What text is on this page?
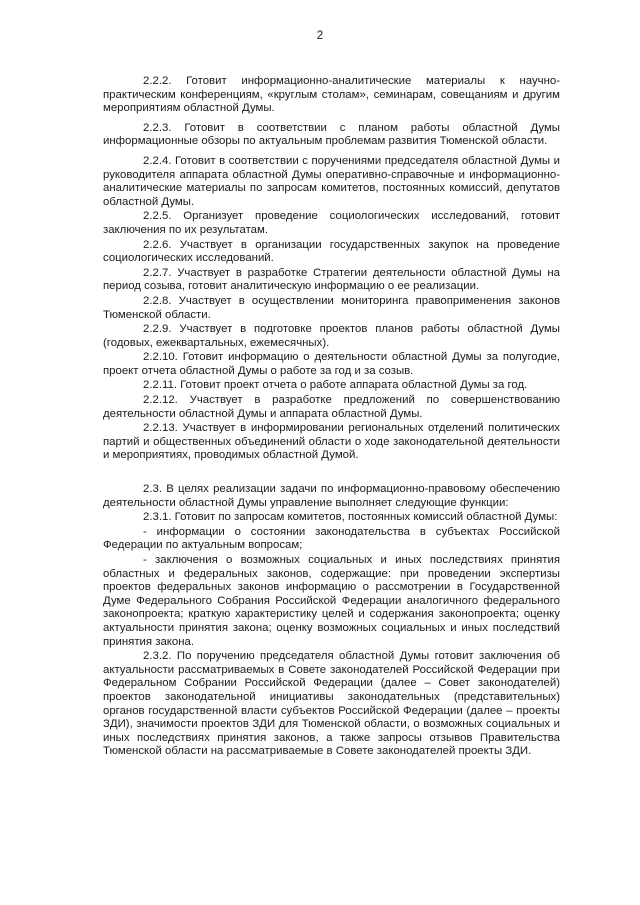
2

2.2.2. Готовит информационно-аналитические материалы к научно-практическим конференциям, «круглым столам», семинарам, совещаниям и другим мероприятиям областной Думы.

2.2.3. Готовит в соответствии с планом работы областной Думы информационные обзоры по актуальным проблемам развития Тюменской области.

2.2.4. Готовит в соответствии с поручениями председателя областной Думы и руководителя аппарата областной Думы оперативно-справочные и информационно-аналитические материалы по запросам комитетов, постоянных комиссий, депутатов областной Думы.

2.2.5. Организует проведение социологических исследований, готовит заключения по их результатам.

2.2.6. Участвует в организации государственных закупок на проведение социологических исследований.

2.2.7. Участвует в разработке Стратегии деятельности областной Думы на период созыва, готовит аналитическую информацию о ее реализации.

2.2.8. Участвует в осуществлении мониторинга правоприменения законов Тюменской области.

2.2.9. Участвует в подготовке проектов планов работы областной Думы (годовых, ежеквартальных, ежемесячных).

2.2.10. Готовит информацию о деятельности областной Думы за полугодие, проект отчета областной Думы о работе за год и за созыв.

2.2.11. Готовит проект отчета о работе аппарата областной Думы за год.

2.2.12. Участвует в разработке предложений по совершенствованию деятельности областной Думы и аппарата областной Думы.

2.2.13. Участвует в информировании региональных отделений политических партий и общественных объединений области о ходе законодательной деятельности и мероприятиях, проводимых областной Думой.

2.3. В целях реализации задачи по информационно-правовому обеспечению деятельности областной Думы управление выполняет следующие функции:

2.3.1. Готовит по запросам комитетов, постоянных комиссий областной Думы:

- информации о состоянии законодательства в субъектах Российской Федерации по актуальным вопросам;

- заключения о возможных социальных и иных последствиях принятия областных и федеральных законов, содержащие: при проведении экспертизы проектов федеральных законов информацию о рассмотрении в Государственной Думе Федерального Собрания Российской Федерации аналогичного федерального законопроекта; краткую характеристику целей и содержания законопроекта; оценку актуальности принятия закона; оценку возможных социальных и иных последствий принятия закона.

2.3.2. По поручению председателя областной Думы готовит заключения об актуальности рассматриваемых в Совете законодателей Российской Федерации при Федеральном Собрании Российской Федерации (далее – Совет законодателей) проектов законодательной инициативы законодательных (представительных) органов государственной власти субъектов Российской Федерации (далее – проекты ЗДИ), значимости проектов ЗДИ для Тюменской области, о возможных социальных и иных последствиях принятия законов, а также запросы отзывов Правительства Тюменской области на рассматриваемые в Совете законодателей проекты ЗДИ.
